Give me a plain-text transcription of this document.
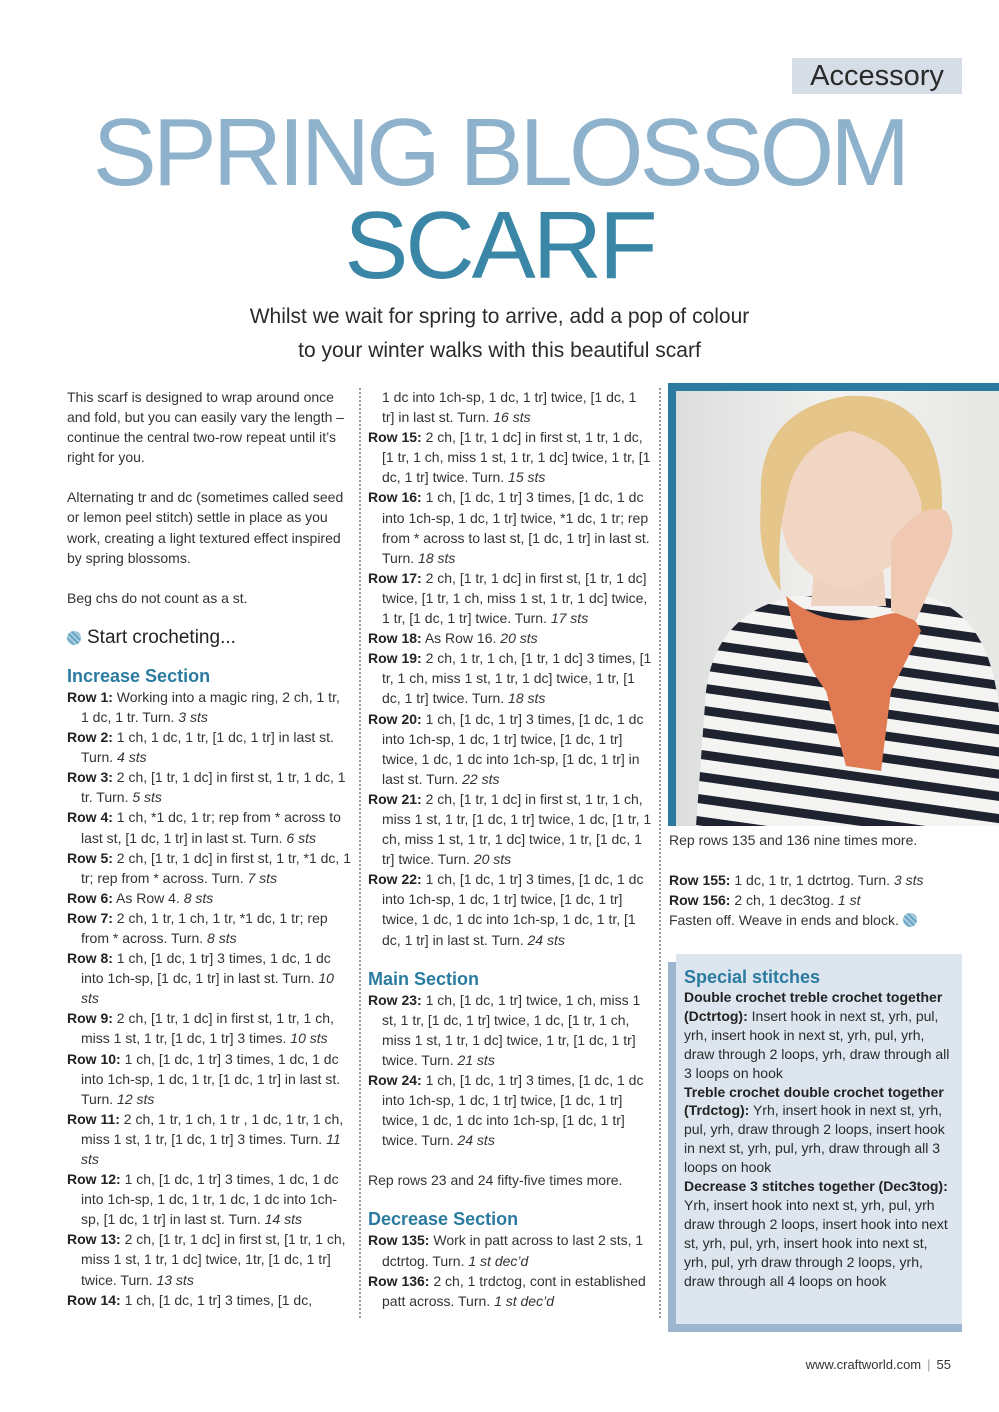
Accessory
SPRING BLOSSOM
SCARF
Whilst we wait for spring to arrive, add a pop of colour
to your winter walks with this beautiful scarf

This scarf is designed to wrap around once and fold, but you can easily vary the length – continue the central two-row repeat until it’s right for you.

Alternating tr and dc (sometimes called seed or lemon peel stitch) settle in place as you work, creating a light textured effect inspired by spring blossoms.

Beg chs do not count as a st.

Start crocheting...
Increase Section

Row 1: Working into a magic ring, 2 ch, 1 tr, 1 dc, 1 tr. Turn. 3 sts

Row 2: 1 ch, 1 dc, 1 tr, [1 dc, 1 tr] in last st. Turn. 4 sts

Row 3: 2 ch, [1 tr, 1 dc] in first st, 1 tr, 1 dc, 1 tr. Turn. 5 sts

Row 4: 1 ch, *1 dc, 1 tr; rep from * across to last st, [1 dc, 1 tr] in last st. Turn. 6 sts

Row 5: 2 ch, [1 tr, 1 dc] in first st, 1 tr, *1 dc, 1 tr; rep from * across. Turn. 7 sts

Row 6: As Row 4. 8 sts

Row 7: 2 ch, 1 tr, 1 ch, 1 tr, *1 dc, 1 tr; rep from * across. Turn. 8 sts

Row 8: 1 ch, [1 dc, 1 tr] 3 times, 1 dc, 1 dc into 1ch-sp, [1 dc, 1 tr] in last st. Turn. 10 sts

Row 9: 2 ch, [1 tr, 1 dc] in first st, 1 tr, 1 ch, miss 1 st, 1 tr, [1 dc, 1 tr] 3 times. 10 sts

Row 10: 1 ch, [1 dc, 1 tr] 3 times, 1 dc, 1 dc into 1ch-sp, 1 dc, 1 tr, [1 dc, 1 tr] in last st. Turn. 12 sts

Row 11: 2 ch, 1 tr, 1 ch, 1 tr , 1 dc, 1 tr, 1 ch, miss 1 st, 1 tr, [1 dc, 1 tr] 3 times. Turn. 11 sts

Row 12: 1 ch, [1 dc, 1 tr] 3 times, 1 dc, 1 dc into 1ch-sp, 1 dc, 1 tr, 1 dc, 1 dc into 1ch-sp, [1 dc, 1 tr] in last st. Turn. 14 sts

Row 13: 2 ch, [1 tr, 1 dc] in first st, [1 tr, 1 ch, miss 1 st, 1 tr, 1 dc] twice, 1tr, [1 dc, 1 tr] twice. Turn. 13 sts

Row 14: 1 ch, [1 dc, 1 tr] 3 times, [1 dc,

1 dc into 1ch-sp, 1 dc, 1 tr] twice, [1 dc, 1 tr] in last st. Turn. 16 sts

Row 15: 2 ch, [1 tr, 1 dc] in first st, 1 tr, 1 dc, [1 tr, 1 ch, miss 1 st, 1 tr, 1 dc] twice, 1 tr, [1 dc, 1 tr] twice. Turn. 15 sts

Row 16: 1 ch, [1 dc, 1 tr] 3 times, [1 dc, 1 dc into 1ch-sp, 1 dc, 1 tr] twice, *1 dc, 1 tr; rep from * across to last st, [1 dc, 1 tr] in last st. Turn. 18 sts

Row 17: 2 ch, [1 tr, 1 dc] in first st, [1 tr, 1 dc] twice, [1 tr, 1 ch, miss 1 st, 1 tr, 1 dc] twice, 1 tr, [1 dc, 1 tr] twice. Turn. 17 sts

Row 18: As Row 16. 20 sts

Row 19: 2 ch, 1 tr, 1 ch, [1 tr, 1 dc] 3 times, [1 tr, 1 ch, miss 1 st, 1 tr, 1 dc] twice, 1 tr, [1 dc, 1 tr] twice. Turn. 18 sts

Row 20: 1 ch, [1 dc, 1 tr] 3 times, [1 dc, 1 dc into 1ch-sp, 1 dc, 1 tr] twice, [1 dc, 1 tr] twice, 1 dc, 1 dc into 1ch-sp, [1 dc, 1 tr] in last st. Turn. 22 sts

Row 21: 2 ch, [1 tr, 1 dc] in first st, 1 tr, 1 ch, miss 1 st, 1 tr, [1 dc, 1 tr] twice, 1 dc, [1 tr, 1 ch, miss 1 st, 1 tr, 1 dc] twice, 1 tr, [1 dc, 1 tr] twice. Turn. 20 sts

Row 22: 1 ch, [1 dc, 1 tr] 3 times, [1 dc, 1 dc into 1ch-sp, 1 dc, 1 tr] twice, [1 dc, 1 tr] twice, 1 dc, 1 dc into 1ch-sp, 1 dc, 1 tr, [1 dc, 1 tr] in last st. Turn. 24 sts

Main Section

Row 23: 1 ch, [1 dc, 1 tr] twice, 1 ch, miss 1 st, 1 tr, [1 dc, 1 tr] twice, 1 dc, [1 tr, 1 ch, miss 1 st, 1 tr, 1 dc] twice, 1 tr, [1 dc, 1 tr] twice. Turn. 21 sts

Row 24: 1 ch, [1 dc, 1 tr] 3 times, [1 dc, 1 dc into 1ch-sp, 1 dc, 1 tr] twice, [1 dc, 1 tr] twice, 1 dc, 1 dc into 1ch-sp, [1 dc, 1 tr] twice. Turn. 24 sts

Rep rows 23 and 24 fifty-five times more.

Decrease Section

Row 135: Work in patt across to last 2 sts, 1 dctrtog. Turn. 1 st dec’d

Row 136: 2 ch, 1 trdctog, cont in established patt across. Turn. 1 st dec’d

Rep rows 135 and 136 nine times more.

Row 155: 1 dc, 1 tr, 1 dctrtog. Turn. 3 sts

Row 156: 2 ch, 1 dec3tog. 1 st

Fasten off. Weave in ends and block.

Special stitches
Double crochet treble crochet together (Dctrtog): Insert hook in next st, yrh, pul, yrh, insert hook in next st, yrh, pul, yrh, draw through 2 loops, yrh, draw through all 3 loops on hook
Treble crochet double crochet together (Trdctog): Yrh, insert hook in next st, yrh, pul, yrh, draw through 2 loops, insert hook in next st, yrh, pul, yrh, draw through all 3 loops on hook
Decrease 3 stitches together (Dec3tog): Yrh, insert hook into next st, yrh, pul, yrh draw through 2 loops, insert hook into next st, yrh, pul, yrh, insert hook into next st, yrh, pul, yrh draw through 2 loops, yrh, draw through all 4 loops on hook
www.craftworld.com | 55
